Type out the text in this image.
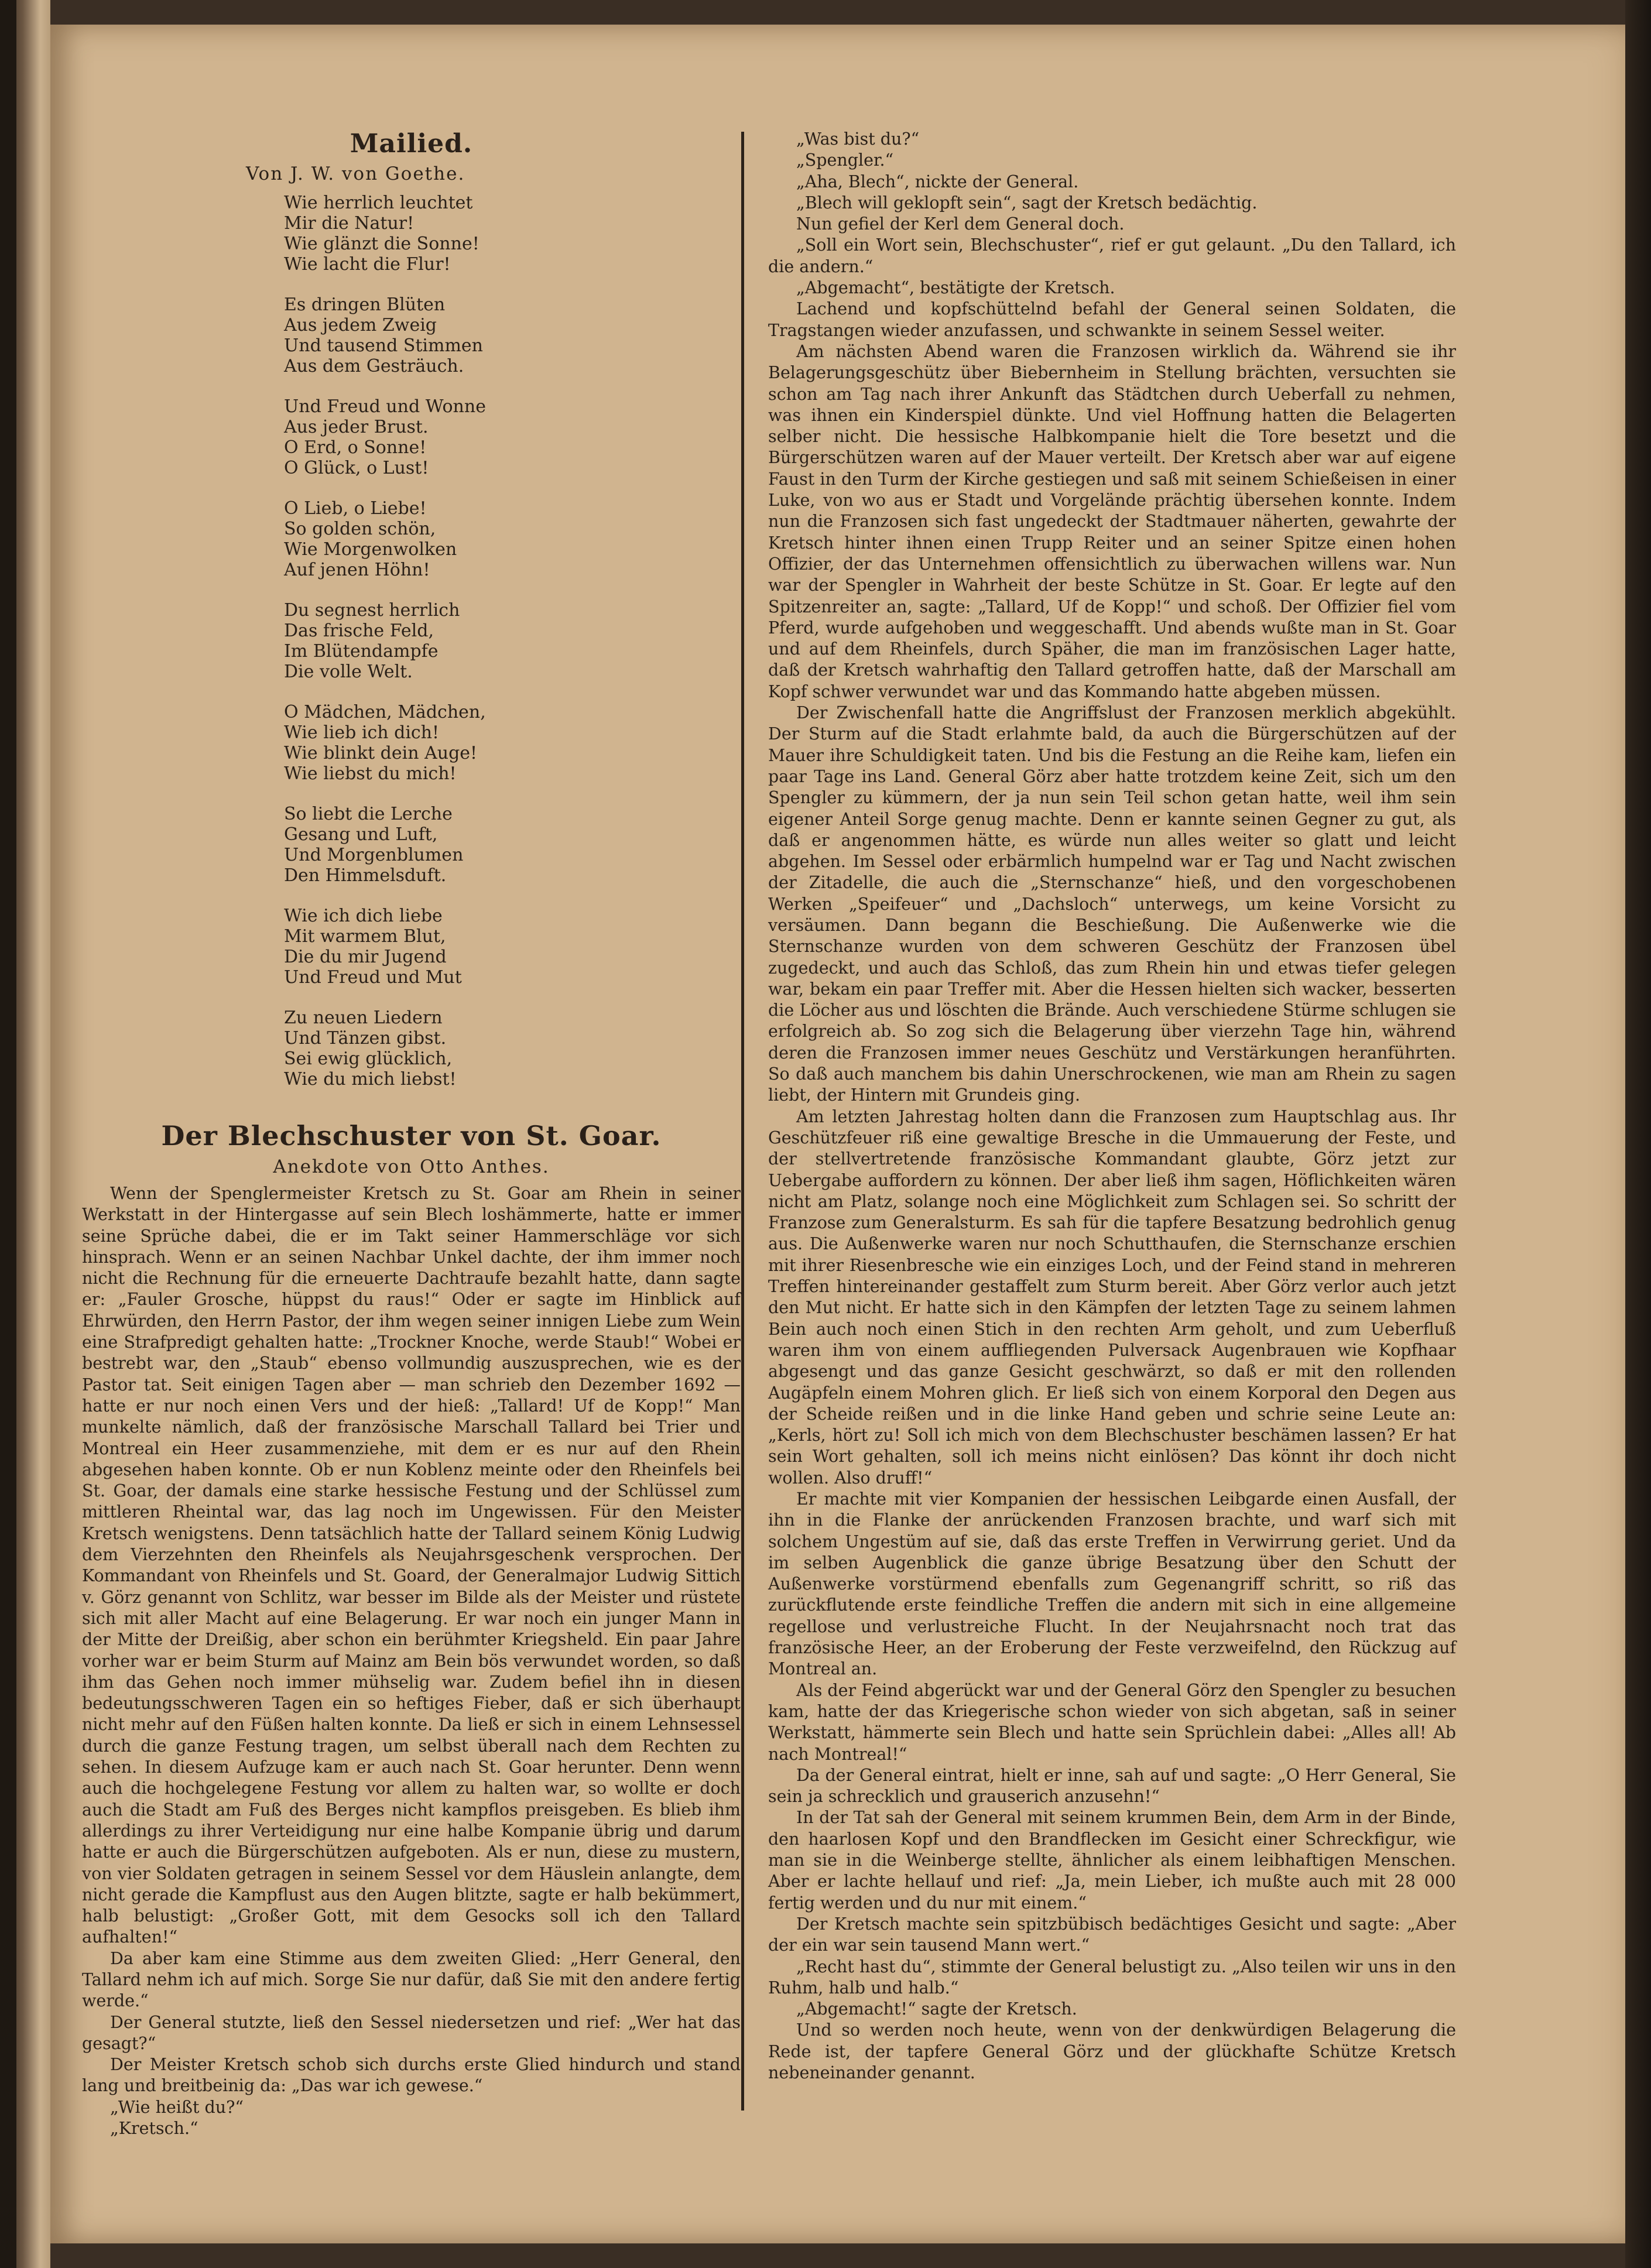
Mailied.
Von J. W. von Goethe.
Wie herrlich leuchtet
Mir die Natur!
Wie glänzt die Sonne!
Wie lacht die Flur!
Es dringen Blüten
Aus jedem Zweig
Und tausend Stimmen
Aus dem Gesträuch.
Und Freud und Wonne
Aus jeder Brust.
O Erd, o Sonne!
O Glück, o Lust!
O Lieb, o Liebe!
So golden schön,
Wie Morgenwolken
Auf jenen Höhn!
Du segnest herrlich
Das frische Feld,
Im Blütendampfe
Die volle Welt.
O Mädchen, Mädchen,
Wie lieb ich dich!
Wie blinkt dein Auge!
Wie liebst du mich!
So liebt die Lerche
Gesang und Luft,
Und Morgenblumen
Den Himmelsduft.
Wie ich dich liebe
Mit warmem Blut,
Die du mir Jugend
Und Freud und Mut
Zu neuen Liedern
Und Tänzen gibst.
Sei ewig glücklich,
Wie du mich liebst!
Der Blechschuster von St. Goar.
Anekdote von Otto Anthes.

Wenn der Spenglermeister Kretsch zu St. Goar am Rhein in seiner Werkstatt in der Hintergasse auf sein Blech loshämmerte, hatte er immer seine Sprüche dabei, die er im Takt seiner Hammerschläge vor sich hinsprach. Wenn er an seinen Nachbar Unkel dachte, der ihm immer noch nicht die Rechnung für die erneuerte Dachtraufe bezahlt hatte, dann sagte er: „Fauler Grosche, hüppst du raus!“ Oder er sagte im Hinblick auf Ehrwürden, den Herrn Pastor, der ihm wegen seiner innigen Liebe zum Wein eine Strafpredigt gehalten hatte: „Trockner Knoche, werde Staub!“ Wobei er bestrebt war, den „Staub“ ebenso vollmundig auszusprechen, wie es der Pastor tat. Seit einigen Tagen aber — man schrieb den Dezember 1692 — hatte er nur noch einen Vers und der hieß: „Tallard! Uf de Kopp!“ Man munkelte nämlich, daß der französische Marschall Tallard bei Trier und Montreal ein Heer zusammenziehe, mit dem er es nur auf den Rhein abgesehen haben konnte. Ob er nun Koblenz meinte oder den Rheinfels bei St. Goar, der damals eine starke hessische Festung und der Schlüssel zum mittleren Rheintal war, das lag noch im Ungewissen. Für den Meister Kretsch wenigstens. Denn tatsächlich hatte der Tallard seinem König Ludwig dem Vierzehnten den Rheinfels als Neujahrsgeschenk versprochen. Der Kommandant von Rheinfels und St. Goard, der Generalmajor Ludwig Sittich v. Görz genannt von Schlitz, war besser im Bilde als der Meister und rüstete sich mit aller Macht auf eine Belagerung. Er war noch ein junger Mann in der Mitte der Dreißig, aber schon ein berühmter Kriegsheld. Ein paar Jahre vorher war er beim Sturm auf Mainz am Bein bös verwundet worden, so daß ihm das Gehen noch immer mühselig war. Zudem befiel ihn in diesen bedeutungsschweren Tagen ein so heftiges Fieber, daß er sich überhaupt nicht mehr auf den Füßen halten konnte. Da ließ er sich in einem Lehnsessel durch die ganze Festung tragen, um selbst überall nach dem Rechten zu sehen. In diesem Aufzuge kam er auch nach St. Goar herunter. Denn wenn auch die hochgelegene Festung vor allem zu halten war, so wollte er doch auch die Stadt am Fuß des Berges nicht kampflos preisgeben. Es blieb ihm allerdings zu ihrer Verteidigung nur eine halbe Kompanie übrig und darum hatte er auch die Bürgerschützen aufgeboten. Als er nun, diese zu mustern, von vier Soldaten getragen in seinem Sessel vor dem Häuslein anlangte, dem nicht gerade die Kampflust aus den Augen blitzte, sagte er halb bekümmert, halb belustigt: „Großer Gott, mit dem Gesocks soll ich den Tallard aufhalten!“

Da aber kam eine Stimme aus dem zweiten Glied: „Herr General, den Tallard nehm ich auf mich. Sorge Sie nur dafür, daß Sie mit den andere fertig werde.“

Der General stutzte, ließ den Sessel niedersetzen und rief: „Wer hat das gesagt?“

Der Meister Kretsch schob sich durchs erste Glied hindurch und stand lang und breitbeinig da: „Das war ich gewese.“

„Wie heißt du?“

„Kretsch.“

„Was bist du?“

„Spengler.“

„Aha, Blech“, nickte der General.

„Blech will geklopft sein“, sagt der Kretsch bedächtig.

Nun gefiel der Kerl dem General doch.

„Soll ein Wort sein, Blechschuster“, rief er gut gelaunt. „Du den Tallard, ich die andern.“

„Abgemacht“, bestätigte der Kretsch.

Lachend und kopfschüttelnd befahl der General seinen Soldaten, die Tragstangen wieder anzufassen, und schwankte in seinem Sessel weiter.

Am nächsten Abend waren die Franzosen wirklich da. Während sie ihr Belagerungsgeschütz über Biebernheim in Stellung brächten, versuchten sie schon am Tag nach ihrer Ankunft das Städtchen durch Ueberfall zu nehmen, was ihnen ein Kinderspiel dünkte. Und viel Hoffnung hatten die Belagerten selber nicht. Die hessische Halbkompanie hielt die Tore besetzt und die Bürgerschützen waren auf der Mauer verteilt. Der Kretsch aber war auf eigene Faust in den Turm der Kirche gestiegen und saß mit seinem Schießeisen in einer Luke, von wo aus er Stadt und Vorgelände prächtig übersehen konnte. Indem nun die Franzosen sich fast ungedeckt der Stadtmauer näherten, gewahrte der Kretsch hinter ihnen einen Trupp Reiter und an seiner Spitze einen hohen Offizier, der das Unternehmen offensichtlich zu überwachen willens war. Nun war der Spengler in Wahrheit der beste Schütze in St. Goar. Er legte auf den Spitzenreiter an, sagte: „Tallard, Uf de Kopp!“ und schoß. Der Offizier fiel vom Pferd, wurde aufgehoben und weggeschafft. Und abends wußte man in St. Goar und auf dem Rheinfels, durch Späher, die man im französischen Lager hatte, daß der Kretsch wahrhaftig den Tallard getroffen hatte, daß der Marschall am Kopf schwer verwundet war und das Kommando hatte abgeben müssen.

Der Zwischenfall hatte die Angriffslust der Franzosen merklich abgekühlt. Der Sturm auf die Stadt erlahmte bald, da auch die Bürgerschützen auf der Mauer ihre Schuldigkeit taten. Und bis die Festung an die Reihe kam, liefen ein paar Tage ins Land. General Görz aber hatte trotzdem keine Zeit, sich um den Spengler zu kümmern, der ja nun sein Teil schon getan hatte, weil ihm sein eigener Anteil Sorge genug machte. Denn er kannte seinen Gegner zu gut, als daß er angenommen hätte, es würde nun alles weiter so glatt und leicht abgehen. Im Sessel oder erbärmlich humpelnd war er Tag und Nacht zwischen der Zitadelle, die auch die „Sternschanze“ hieß, und den vorgeschobenen Werken „Speifeuer“ und „Dachsloch“ unterwegs, um keine Vorsicht zu versäumen. Dann begann die Beschießung. Die Außenwerke wie die Sternschanze wurden von dem schweren Geschütz der Franzosen übel zugedeckt, und auch das Schloß, das zum Rhein hin und etwas tiefer gelegen war, bekam ein paar Treffer mit. Aber die Hessen hielten sich wacker, besserten die Löcher aus und löschten die Brände. Auch verschiedene Stürme schlugen sie erfolgreich ab. So zog sich die Belagerung über vierzehn Tage hin, während deren die Franzosen immer neues Geschütz und Verstärkungen heranführten. So daß auch manchem bis dahin Unerschrockenen, wie man am Rhein zu sagen liebt, der Hintern mit Grundeis ging.

Am letzten Jahrestag holten dann die Franzosen zum Hauptschlag aus. Ihr Geschützfeuer riß eine gewaltige Bresche in die Ummauerung der Feste, und der stellvertretende französische Kommandant glaubte, Görz jetzt zur Uebergabe auffordern zu können. Der aber ließ ihm sagen, Höflichkeiten wären nicht am Platz, solange noch eine Möglichkeit zum Schlagen sei. So schritt der Franzose zum Generalsturm. Es sah für die tapfere Besatzung bedrohlich genug aus. Die Außenwerke waren nur noch Schutthaufen, die Sternschanze erschien mit ihrer Riesenbresche wie ein einziges Loch, und der Feind stand in mehreren Treffen hintereinander gestaffelt zum Sturm bereit. Aber Görz verlor auch jetzt den Mut nicht. Er hatte sich in den Kämpfen der letzten Tage zu seinem lahmen Bein auch noch einen Stich in den rechten Arm geholt, und zum Ueberfluß waren ihm von einem auffliegenden Pulversack Augenbrauen wie Kopfhaar abgesengt und das ganze Gesicht geschwärzt, so daß er mit den rollenden Augäpfeln einem Mohren glich. Er ließ sich von einem Korporal den Degen aus der Scheide reißen und in die linke Hand geben und schrie seine Leute an: „Kerls, hört zu! Soll ich mich von dem Blechschuster beschämen lassen? Er hat sein Wort gehalten, soll ich meins nicht einlösen? Das könnt ihr doch nicht wollen. Also druff!“

Er machte mit vier Kompanien der hessischen Leibgarde einen Ausfall, der ihn in die Flanke der anrückenden Franzosen brachte, und warf sich mit solchem Ungestüm auf sie, daß das erste Treffen in Verwirrung geriet. Und da im selben Augenblick die ganze übrige Besatzung über den Schutt der Außenwerke vorstürmend ebenfalls zum Gegenangriff schritt, so riß das zurückflutende erste feindliche Treffen die andern mit sich in eine allgemeine regellose und verlustreiche Flucht. In der Neujahrsnacht noch trat das französische Heer, an der Eroberung der Feste verzweifelnd, den Rückzug auf Montreal an.

Als der Feind abgerückt war und der General Görz den Spengler zu besuchen kam, hatte der das Kriegerische schon wieder von sich abgetan, saß in seiner Werkstatt, hämmerte sein Blech und hatte sein Sprüchlein dabei: „Alles all! Ab nach Montreal!“

Da der General eintrat, hielt er inne, sah auf und sagte: „O Herr General, Sie sein ja schrecklich und grauserich anzusehn!“

In der Tat sah der General mit seinem krummen Bein, dem Arm in der Binde, den haarlosen Kopf und den Brandflecken im Gesicht einer Schreckfigur, wie man sie in die Weinberge stellte, ähnlicher als einem leibhaftigen Menschen. Aber er lachte hellauf und rief: „Ja, mein Lieber, ich mußte auch mit 28 000 fertig werden und du nur mit einem.“

Der Kretsch machte sein spitzbübisch bedächtiges Gesicht und sagte: „Aber der ein war sein tausend Mann wert.“

„Recht hast du“, stimmte der General belustigt zu. „Also teilen wir uns in den Ruhm, halb und halb.“

„Abgemacht!“ sagte der Kretsch.

Und so werden noch heute, wenn von der denkwürdigen Belagerung die Rede ist, der tapfere General Görz und der glückhafte Schütze Kretsch nebeneinander genannt.
